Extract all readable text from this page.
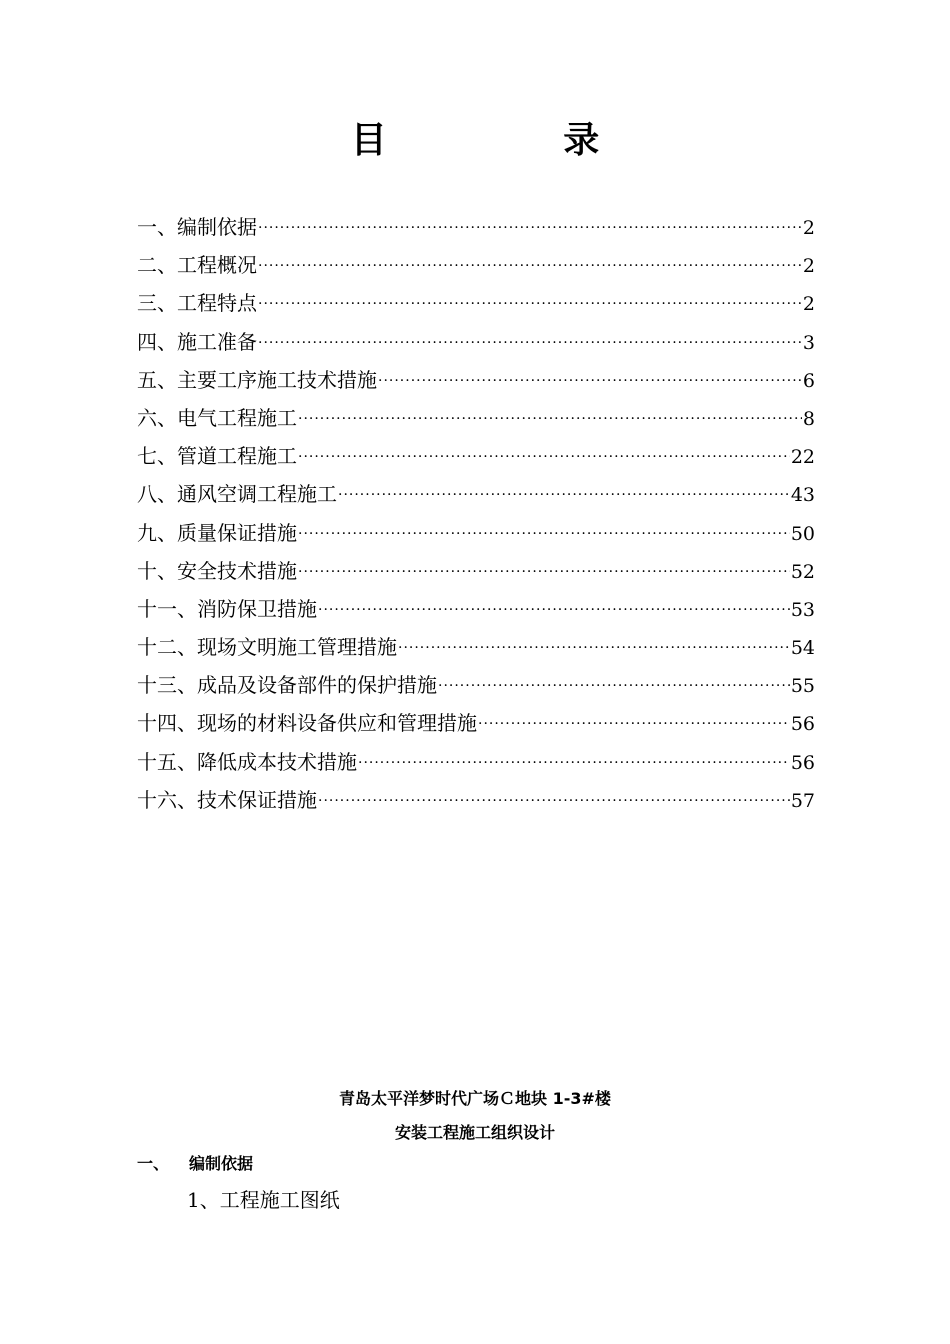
目 录
一、编制依据 ·····	2
二、工程概况 ·····	2
三、工程特点 ·····	2
四、施工准备 ·····	3
五、主要工序施工技术措施 ·····	6
六、电气工程施工 ·····	8
七、管道工程施工 ·····	22
八、通风空调工程施工 ·····	43
九、质量保证措施 ·····	50
十、安全技术措施 ·····	52
十一、消防保卫措施 ·····	53
十二、现场文明施工管理措施 ·····	54
十三、成品及设备部件的保护措施 ·····	55
十四、现场的材料设备供应和管理措施 ·····	56
十五、降低成本技术措施 ·····	56
十六、技术保证措施 ·····	57
青岛太平洋梦时代广场Ｃ地块 1-3#楼
安装工程施工组织设计
一、	编制依据
1、工程施工图纸
